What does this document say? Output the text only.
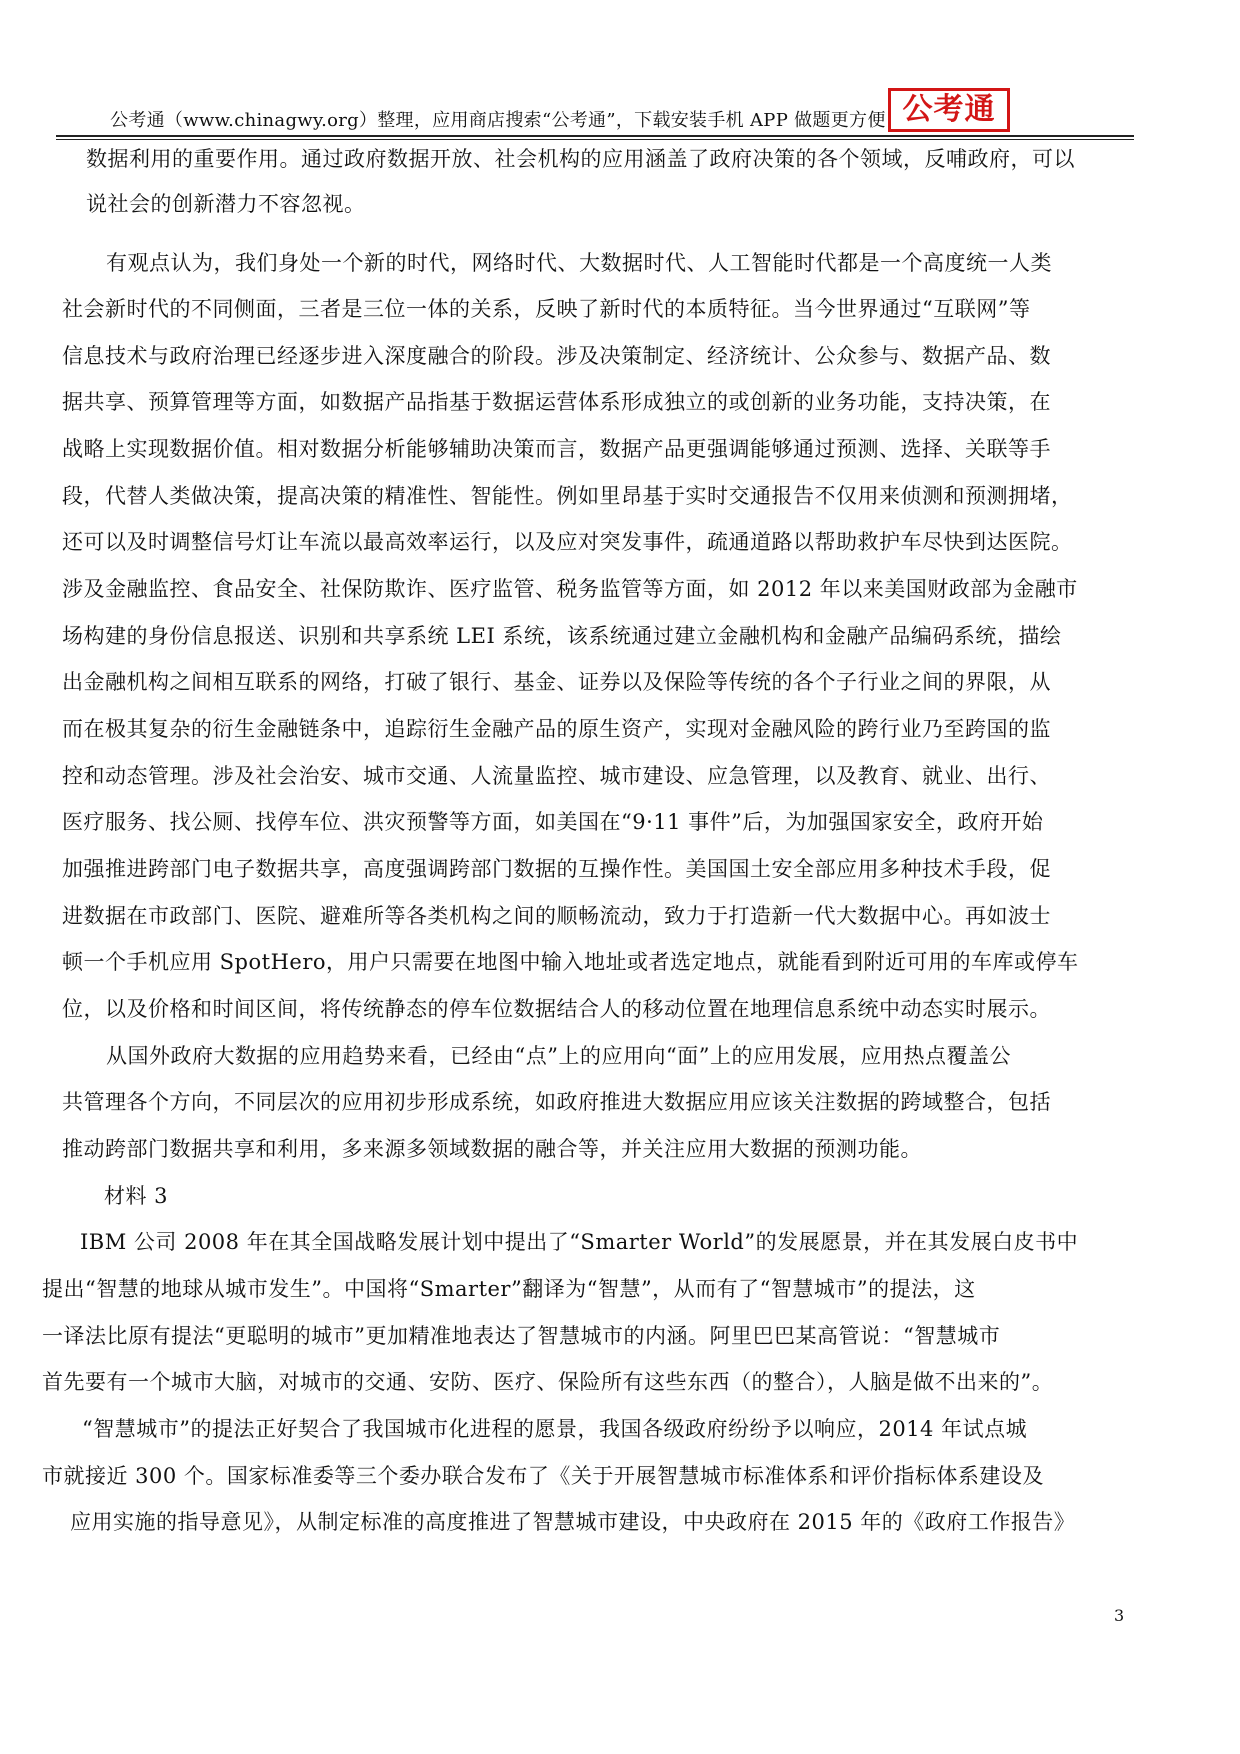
公考通（www.chinagwy.org）整理，应用商店搜索“公考通”，下载安装手机 APP 做题更方便 公考通
数据利用的重要作用。通过政府数据开放、社会机构的应用涵盖了政府决策的各个领域，反哺政府，可以
说社会的创新潜力不容忽视。
有观点认为，我们身处一个新的时代，网络时代、大数据时代、人工智能时代都是一个高度统一人类
社会新时代的不同侧面，三者是三位一体的关系，反映了新时代的本质特征。当今世界通过“互联网”等
信息技术与政府治理已经逐步进入深度融合的阶段。涉及决策制定、经济统计、公众参与、数据产品、数
据共享、预算管理等方面，如数据产品指基于数据运营体系形成独立的或创新的业务功能，支持决策，在
战略上实现数据价值。相对数据分析能够辅助决策而言，数据产品更强调能够通过预测、选择、关联等手
段，代替人类做决策，提高决策的精准性、智能性。例如里昂基于实时交通报告不仅用来侦测和预测拥堵，
还可以及时调整信号灯让车流以最高效率运行，以及应对突发事件，疏通道路以帮助救护车尽快到达医院。
涉及金融监控、食品安全、社保防欺诈、医疗监管、税务监管等方面，如 2012 年以来美国财政部为金融市
场构建的身份信息报送、识别和共享系统 LEI 系统，该系统通过建立金融机构和金融产品编码系统，描绘
出金融机构之间相互联系的网络，打破了银行、基金、证券以及保险等传统的各个子行业之间的界限，从
而在极其复杂的衍生金融链条中，追踪衍生金融产品的原生资产，实现对金融风险的跨行业乃至跨国的监
控和动态管理。涉及社会治安、城市交通、人流量监控、城市建设、应急管理，以及教育、就业、出行、
医疗服务、找公厕、找停车位、洪灾预警等方面，如美国在“9·11 事件”后，为加强国家安全，政府开始
加强推进跨部门电子数据共享，高度强调跨部门数据的互操作性。美国国土安全部应用多种技术手段，促
进数据在市政部门、医院、避难所等各类机构之间的顺畅流动，致力于打造新一代大数据中心。再如波士
顿一个手机应用 SpotHero，用户只需要在地图中输入地址或者选定地点，就能看到附近可用的车库或停车
位，以及价格和时间区间，将传统静态的停车位数据结合人的移动位置在地理信息系统中动态实时展示。
从国外政府大数据的应用趋势来看，已经由“点”上的应用向“面”上的应用发展，应用热点覆盖公
共管理各个方向，不同层次的应用初步形成系统，如政府推进大数据应用应该关注数据的跨域整合，包括
推动跨部门数据共享和利用，多来源多领域数据的融合等，并关注应用大数据的预测功能。
材料 3
IBM 公司 2008 年在其全国战略发展计划中提出了“Smarter World”的发展愿景，并在其发展白皮书中
提出“智慧的地球从城市发生”。中国将“Smarter”翻译为“智慧”，从而有了“智慧城市”的提法，这
一译法比原有提法“更聪明的城市”更加精准地表达了智慧城市的内涵。阿里巴巴某高管说：“智慧城市
首先要有一个城市大脑，对城市的交通、安防、医疗、保险所有这些东西（的整合），人脑是做不出来的”。
“智慧城市”的提法正好契合了我国城市化进程的愿景，我国各级政府纷纷予以响应，2014 年试点城
市就接近 300 个。国家标准委等三个委办联合发布了《关于开展智慧城市标准体系和评价指标体系建设及
应用实施的指导意见》，从制定标准的高度推进了智慧城市建设，中央政府在 2015 年的《政府工作报告》
3
